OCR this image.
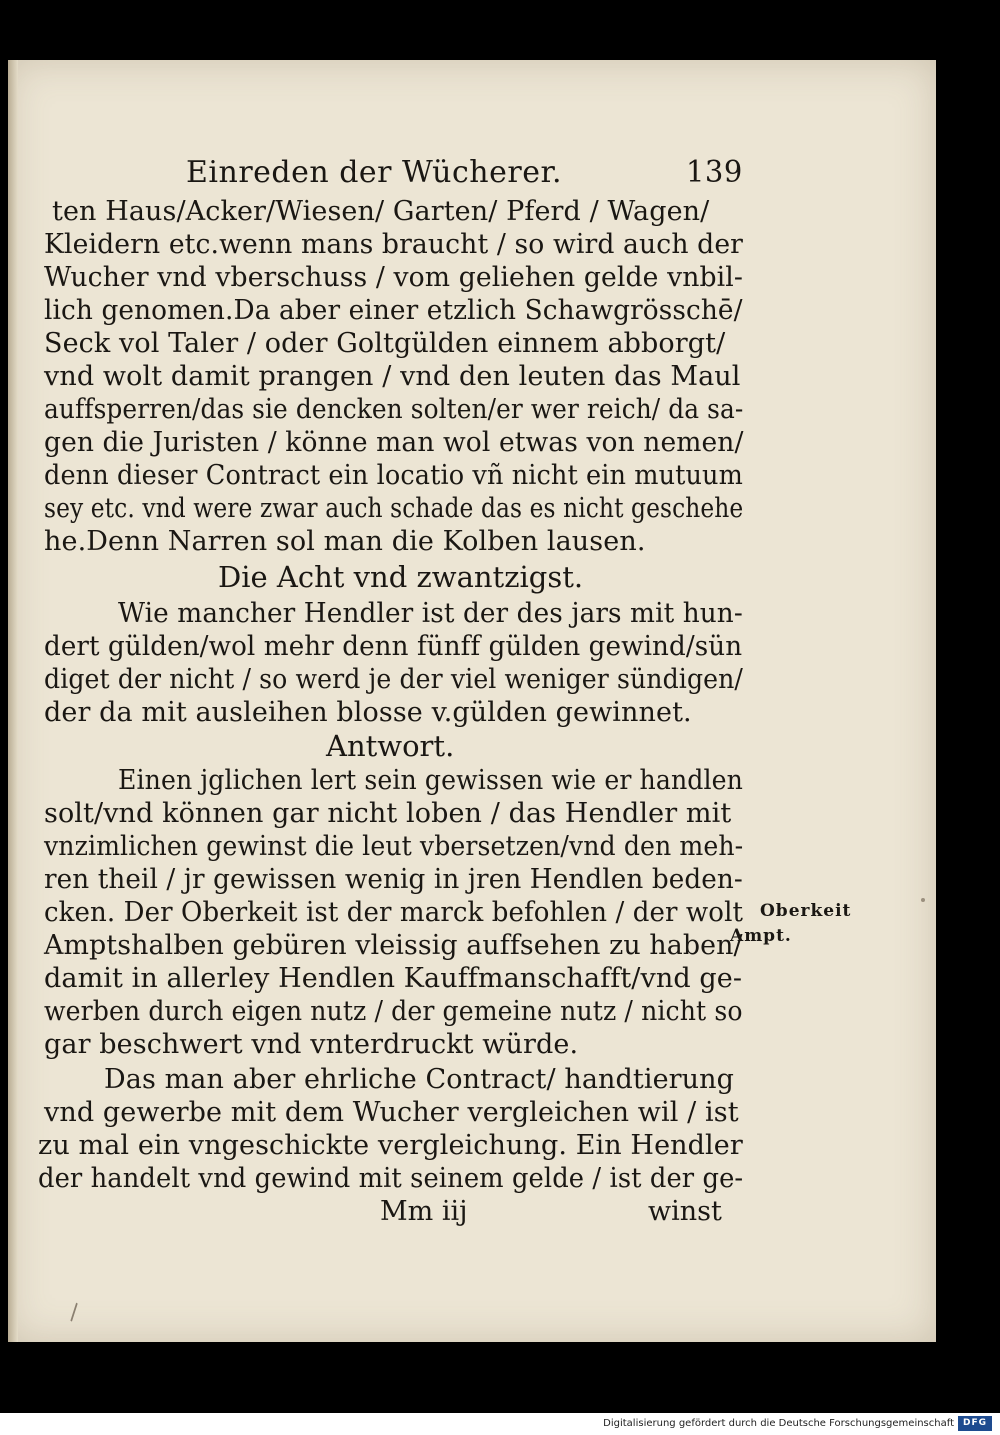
Einreden der Wücherer.	139
ten Haus/Acker/Wiesen/ Garten/ Pferd / Wagen/
Kleidern etc.wenn mans braucht / so wird auch der
Wucher vnd vberschuss / vom geliehen gelde vnbil-
lich genomen.Da aber einer etzlich Schawgrösschē/
Seck vol Taler / oder Goltgülden einnem abborgt/
vnd wolt damit prangen / vnd den leuten das Maul
auffsperren/das sie dencken solten/er wer reich/ da sa-
gen die Juristen / könne man wol etwas von nemen/
denn dieser Contract ein locatio vñ nicht ein mutuum
sey etc. vnd were zwar auch schade das es nicht geschehe
he.Denn Narren sol man die Kolben lausen.
Die Acht vnd zwantzigst.
Wie mancher Hendler ist der des jars mit hun-
dert gülden/wol mehr denn fünff gülden gewind/sün
diget der nicht / so werd je der viel weniger sündigen/
der da mit ausleihen blosse v.gülden gewinnet.
Antwort.
Einen jglichen lert sein gewissen wie er handlen
solt/vnd können gar nicht loben / das Hendler mit
vnzimlichen gewinst die leut vbersetzen/vnd den meh-
ren theil / jr gewissen wenig in jren Hendlen beden-
cken. Der Oberkeit ist der marck befohlen / der wolt
Amptshalben gebüren vleissig auffsehen zu haben/
damit in allerley Hendlen Kauffmanschafft/vnd ge-
werben durch eigen nutz / der gemeine nutz / nicht so
gar beschwert vnd vnterdruckt würde.
Das man aber ehrliche Contract/ handtierung
vnd gewerbe mit dem Wucher vergleichen wil / ist
zu mal ein vngeschickte vergleichung. Ein Hendler
der handelt vnd gewind mit seinem gelde / ist der ge-
Mm iij	winst
Oberkeit
Ampt.
\
Digitalisierung gefördert durch die Deutsche Forschungsgemeinschaft DFG
